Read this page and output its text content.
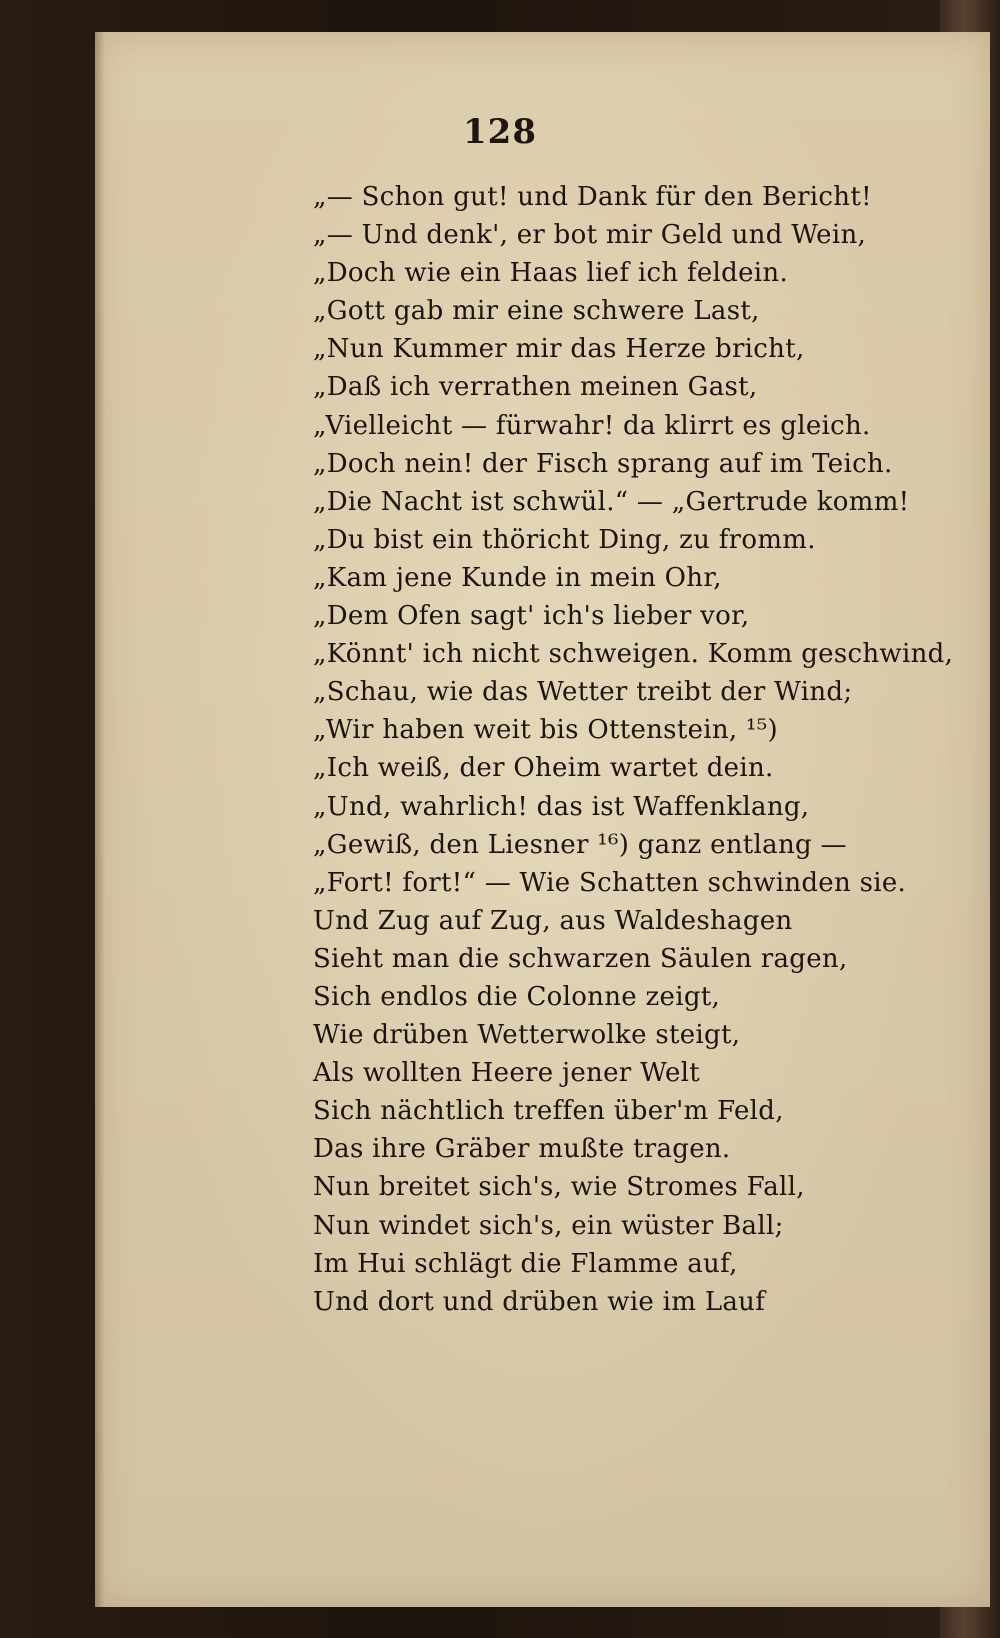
128
„— Schon gut! und Dank für den Bericht!
„— Und denk', er bot mir Geld und Wein,
„Doch wie ein Haas lief ich feldein.
„Gott gab mir eine schwere Last,
„Nun Kummer mir das Herze bricht,
„Daß ich verrathen meinen Gast,
„Vielleicht — fürwahr! da klirrt es gleich.
„Doch nein! der Fisch sprang auf im Teich.
„Die Nacht ist schwül.“ — „Gertrude komm!
„Du bist ein thöricht Ding, zu fromm.
„Kam jene Kunde in mein Ohr,
„Dem Ofen sagt' ich's lieber vor,
„Könnt' ich nicht schweigen. Komm geschwind,
„Schau, wie das Wetter treibt der Wind;
„Wir haben weit bis Ottenstein, ¹⁵)
„Ich weiß, der Oheim wartet dein.
„Und, wahrlich! das ist Waffenklang,
„Gewiß, den Liesner ¹⁶) ganz entlang —
„Fort! fort!“ — Wie Schatten schwinden sie.
Und Zug auf Zug, aus Waldeshagen
Sieht man die schwarzen Säulen ragen,
Sich endlos die Colonne zeigt,
Wie drüben Wetterwolke steigt,
Als wollten Heere jener Welt
Sich nächtlich treffen über'm Feld,
Das ihre Gräber mußte tragen.
Nun breitet sich's, wie Stromes Fall,
Nun windet sich's, ein wüster Ball;
Im Hui schlägt die Flamme auf,
Und dort und drüben wie im Lauf
